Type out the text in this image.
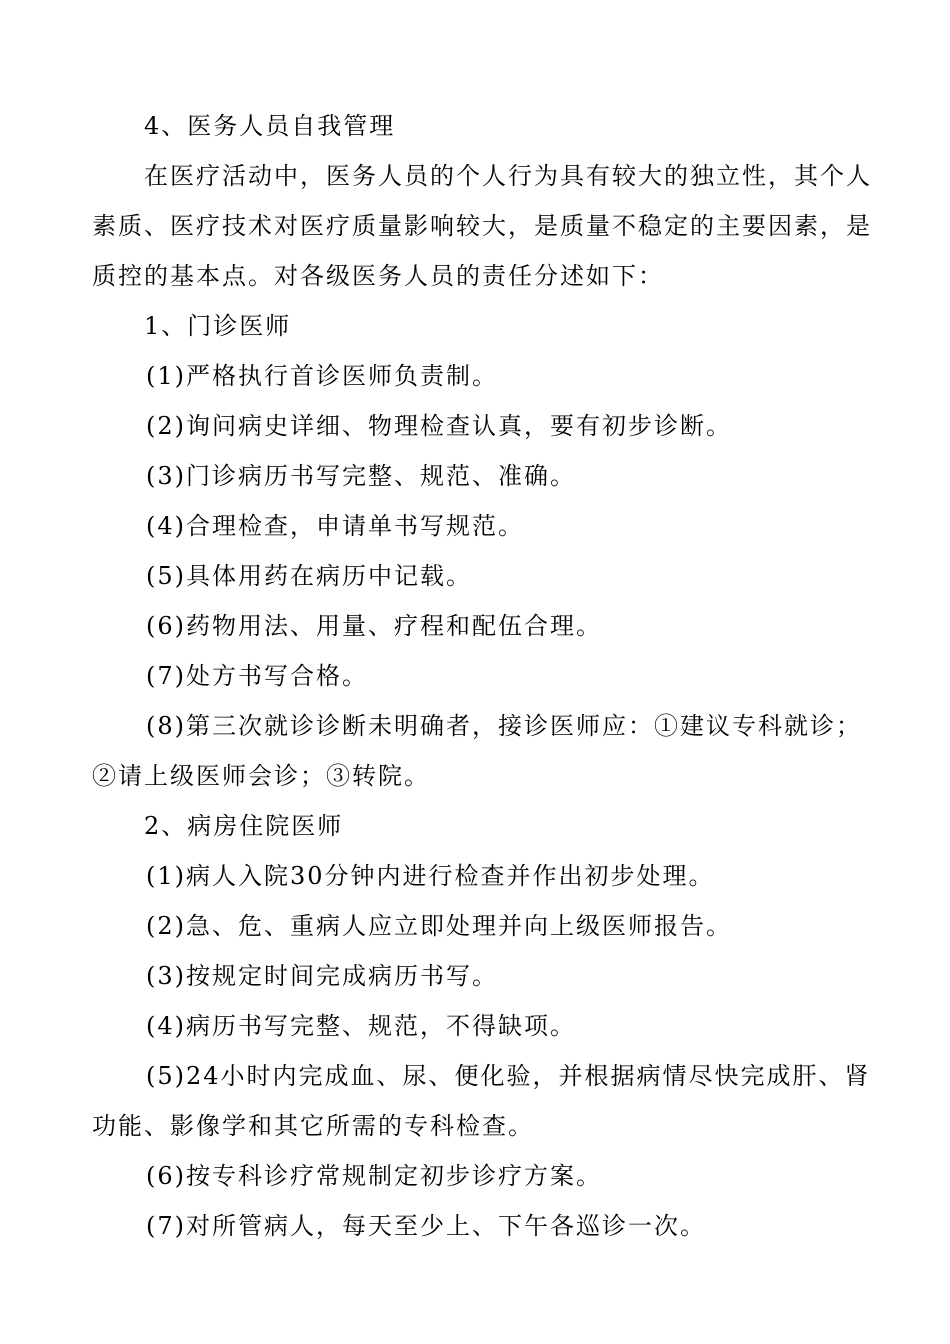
4、医务人员自我管理
在医疗活动中，医务人员的个人行为具有较大的独立性，其个人
素质、医疗技术对医疗质量影响较大，是质量不稳定的主要因素，是
质控的基本点。对各级医务人员的责任分述如下：
1、门诊医师
(1)严格执行首诊医师负责制。
(2)询问病史详细、物理检查认真，要有初步诊断。
(3)门诊病历书写完整、规范、准确。
(4)合理检查，申请单书写规范。
(5)具体用药在病历中记载。
(6)药物用法、用量、疗程和配伍合理。
(7)处方书写合格。
(8)第三次就诊诊断未明确者，接诊医师应：①建议专科就诊；
②请上级医师会诊；③转院。
2、病房住院医师
(1)病人入院30分钟内进行检查并作出初步处理。
(2)急、危、重病人应立即处理并向上级医师报告。
(3)按规定时间完成病历书写。
(4)病历书写完整、规范，不得缺项。
(5)24小时内完成血、尿、便化验，并根据病情尽快完成肝、肾
功能、影像学和其它所需的专科检查。
(6)按专科诊疗常规制定初步诊疗方案。
(7)对所管病人，每天至少上、下午各巡诊一次。
